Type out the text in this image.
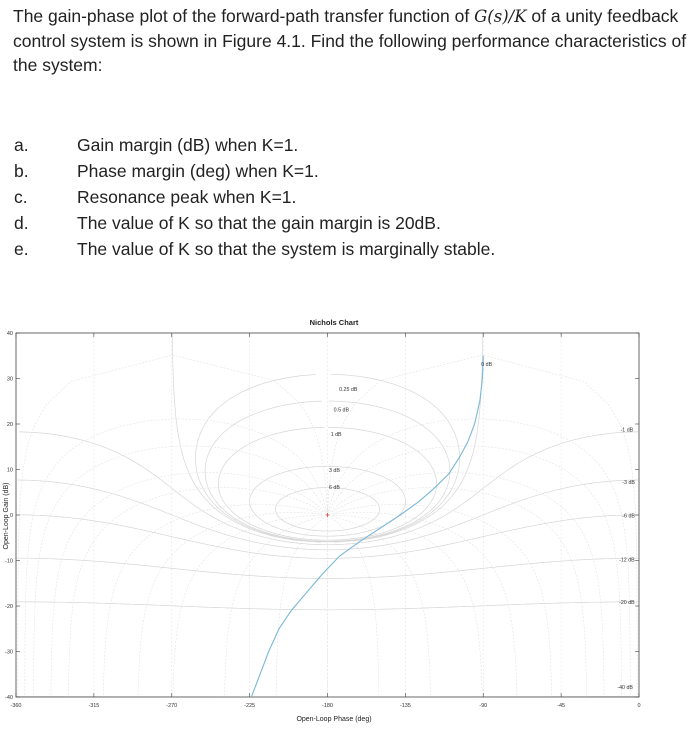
The gain-phase plot of the forward-path transfer function of G(s)/K of a unity feedback control system is shown in Figure 4.1. Find the following performance characteristics of the system:

a.	Gain margin (dB) when K=1.
b.	Phase margin (deg) when K=1.
c.	Resonance peak when K=1.
d.	The value of K so that the gain margin is 20dB.
e.	The value of K so that the system is marginally stable.
-360	-315	-270	-225	-180	-135	-90	-45	0
-40
-30
-20
-10
0
10
20
30
40
0 dB
0.25 dB
0.5 dB
1 dB
3 dB
6 dB
-1 dB
-3 dB
-6 dB
-12 dB
-20 dB
-40 dB
Nichols Chart
Open-Loop Phase (deg)
Open-Loop Gain (dB)
